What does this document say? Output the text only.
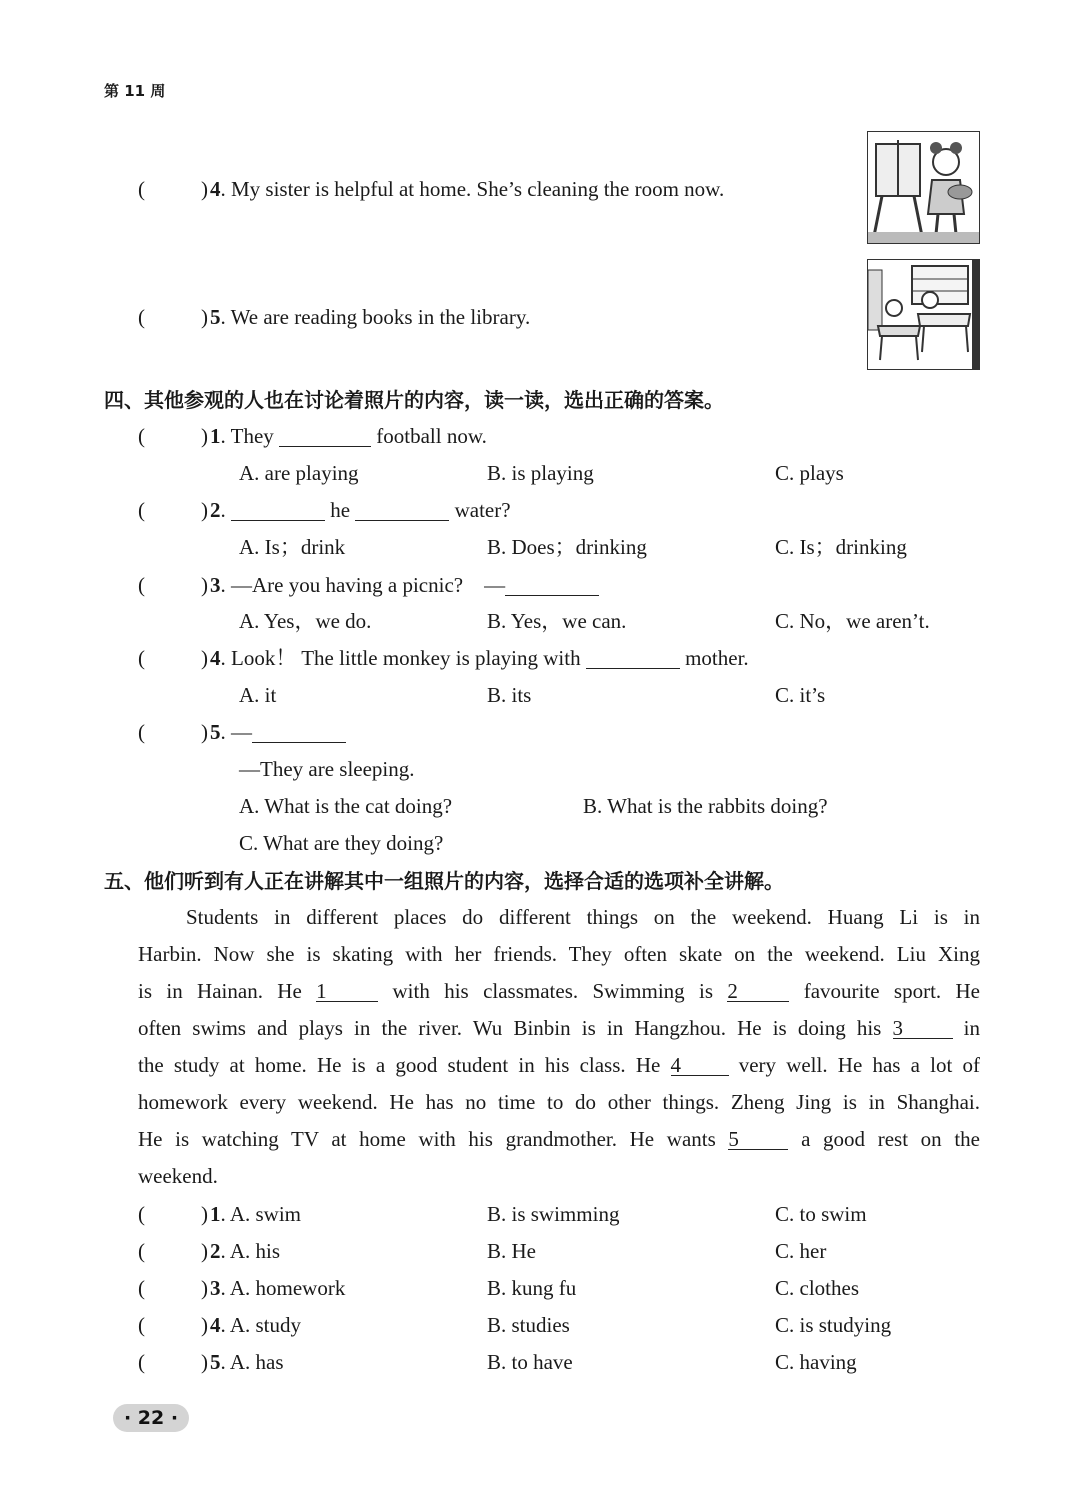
第 11 周
(	) 4. My sister is helpful at home. She’s cleaning the room now.
(	) 5. We are reading books in the library.
四、其他参观的人也在讨论着照片的内容，读一读，选出正确的答案。
(	) 1. They	football now.
A. are playing	B. is playing	C. plays
(	) 2.	he	water?
A. Is；drink	B. Does；drinking	C. Is；drinking
(	) 3. —Are you having a picnic?　—
A. Yes，we do.	B. Yes，we can.	C. No，we aren’t.
(	) 4. Look！ The little monkey is playing with	mother.
A. it	B. its	C. it’s
(	) 5. —
—They are sleeping.
A. What is the cat doing?	B. What is the rabbits doing?
C. What are they doing?
五、他们听到有人正在讲解其中一组照片的内容，选择合适的选项补全讲解。
Students in different places do different things on the weekend. Huang Li is in
Harbin. Now she is skating with her friends. They often skate on the weekend. Liu Xing
is in Hainan. He 1 with his classmates. Swimming is 2 favourite sport. He
often swims and plays in the river. Wu Binbin is in Hangzhou. He is doing his 3 in
the study at home. He is a good student in his class. He 4 very well. He has a lot of
homework every weekend. He has no time to do other things. Zheng Jing is in Shanghai.
He is watching TV at home with his grandmother. He wants 5 a good rest on the
weekend.
(	) 1. A. swim	B. is swimming	C. to swim
(	) 2. A. his	B. He	C. her
(	) 3. A. homework	B. kung fu	C. clothes
(	) 4. A. study	B. studies	C. is studying
(	) 5. A. has	B. to have	C. having
· 22 ·
